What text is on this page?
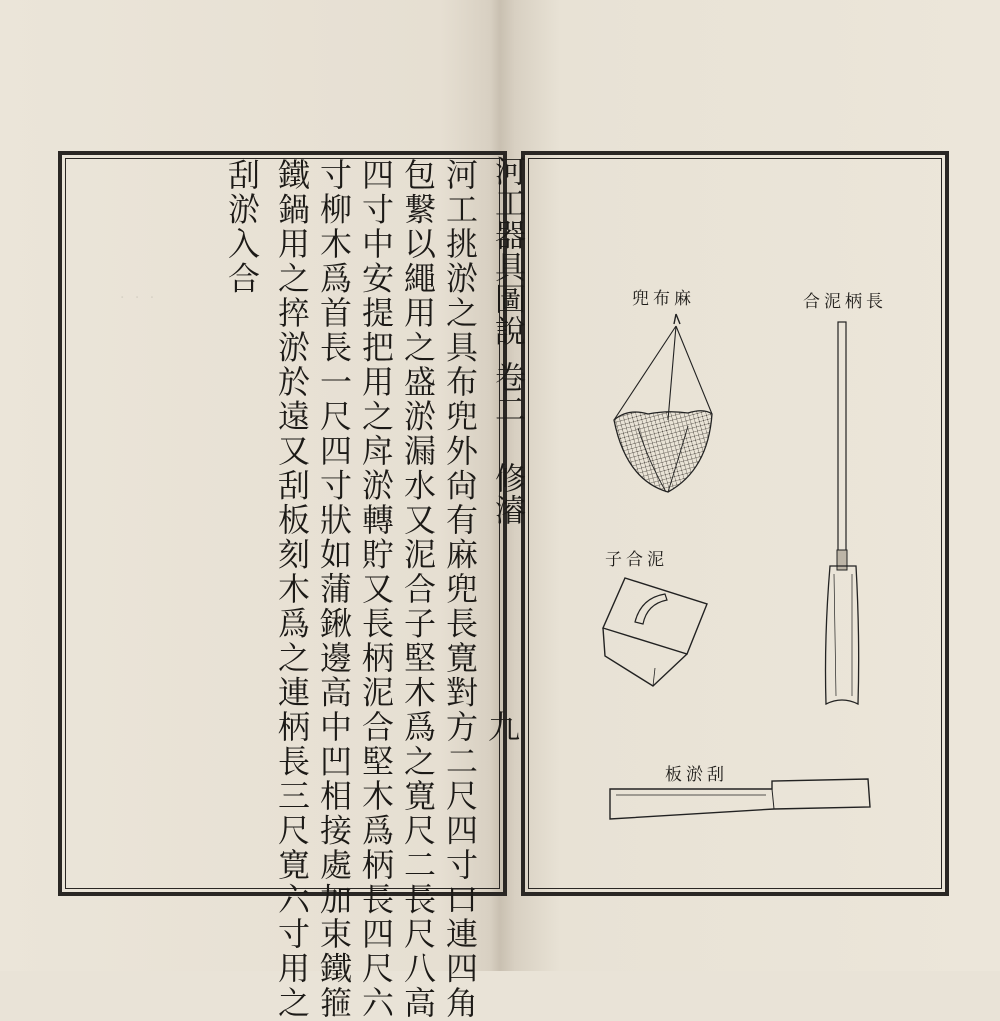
· · ·	河工挑淤之具布兜外尙有麻兜長寛對方二尺四寸口連四角
包繋以繩用之盛淤漏水又泥合子堅木爲之寛尺二長尺八高
四寸中安提把用之戽淤轉貯又長柄泥合堅木爲柄長四尺六
寸柳木爲首長一尺四寸狀如蒲鍬邊高中凹相接處加束鐵箍
鐵鍋用之捽淤於遠又刮板刻木爲之連柄長三尺寛六寸用之
刮淤入合	河工器具圖說卷二 修濬
九
麻布兜	長柄泥合
泥合子
刮淤板
